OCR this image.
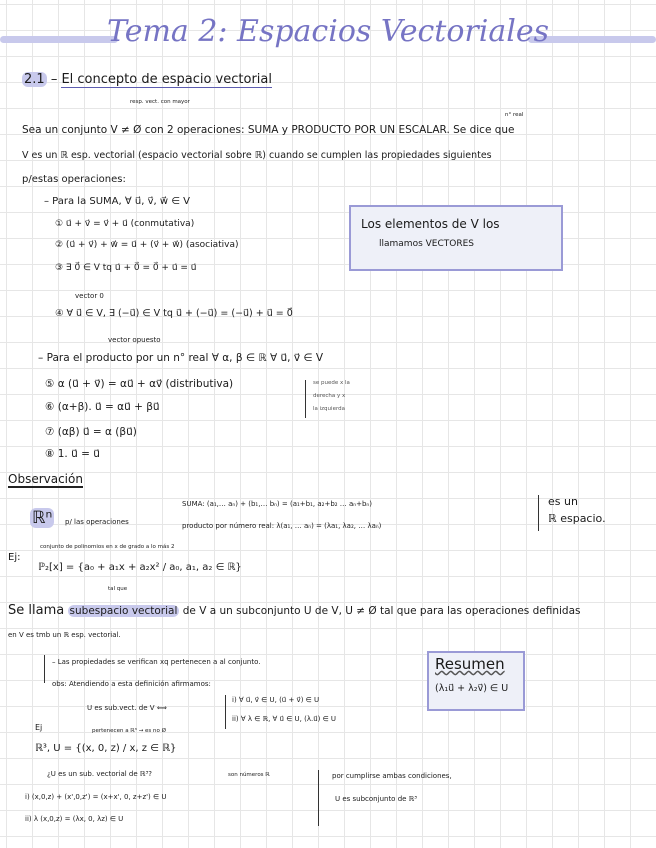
Tema 2: Espacios Vectoriales
2.1 – El concepto de espacio vectorial
resp. vect. con mayor
n° real
Sea un conjunto V ≠ Ø con 2 operaciones: SUMA y PRODUCTO POR UN ESCALAR. Se dice que
V es un ℝ esp. vectorial (espacio vectorial sobre ℝ) cuando se cumplen las propiedades siguientes
p/estas operaciones:
– Para la SUMA, ∀ u⃗, v⃗, w⃗ ∈ V
① u⃗ + v⃗ = v⃗ + u⃗ (conmutativa)
② (u⃗ + v⃗) + w⃗ = u⃗ + (v⃗ + w⃗) (asociativa)
③ ∃ 0⃗ ∈ V tq u⃗ + 0⃗ = 0⃗ + u⃗ = u⃗
vector 0
④ ∀ u⃗ ∈ V, ∃ (−u⃗) ∈ V tq u⃗ + (−u⃗) = (−u⃗) + u⃗ = 0⃗
vector opuesto
Los elementos de V los
llamamos VECTORES
– Para el producto por un n° real ∀ α, β ∈ ℝ ∀ u⃗, v⃗ ∈ V
⑤ α (u⃗ + v⃗) = αu⃗ + αv⃗ (distributiva)
⑥ (α+β). u⃗ = αu⃗ + βu⃗
⑦ (αβ) u⃗ = α (βu⃗)
⑧ 1. u⃗ = u⃗
se puede x la
derecha y x
la izquierda
Observación
ℝⁿ p/ las operaciones
SUMA: (a₁,… aₙ) + (b₁,… bₙ) = (a₁+b₁, a₂+b₂ … aₙ+bₙ)
producto por número real: λ(a₁, … aₙ) = (λa₁, λa₂, … λaₙ)
es un
ℝ espacio.
Ej:
conjunto de polinomios en x de grado a lo más 2
ℙ₂[x] = {a₀ + a₁x + a₂x² / a₀, a₁, a₂ ∈ ℝ}
tal que
Se llama subespacio vectorial de V a un subconjunto U de V, U ≠ Ø tal que para las operaciones definidas
en V es tmb un ℝ esp. vectorial.
– Las propiedades se verifican xq pertenecen a al conjunto.
obs: Atendiendo a esta definición afirmamos:
U es sub.vect. de V ⟺
i) ∀ u⃗, v⃗ ∈ U, (u⃗ + v⃗) ∈ U
ii) ∀ λ ∈ ℝ, ∀ u⃗ ∈ U, (λ.u⃗) ∈ U
Resumen
(λ₁u⃗ + λ₂v⃗) ∈ U
Ej	pertenecen a ℝ³ → es no Ø
ℝ³, U = {(x, 0, z) / x, z ∈ ℝ}
¿U es un sub. vectorial de ℝ³?	son números ℝ
i) (x,0,z) + (x',0,z') = (x+x', 0, z+z') ∈ U
ii) λ (x,0,z) = (λx, 0, λz) ∈ U
por cumplirse ambas condiciones,
U es subconjunto de ℝ³
